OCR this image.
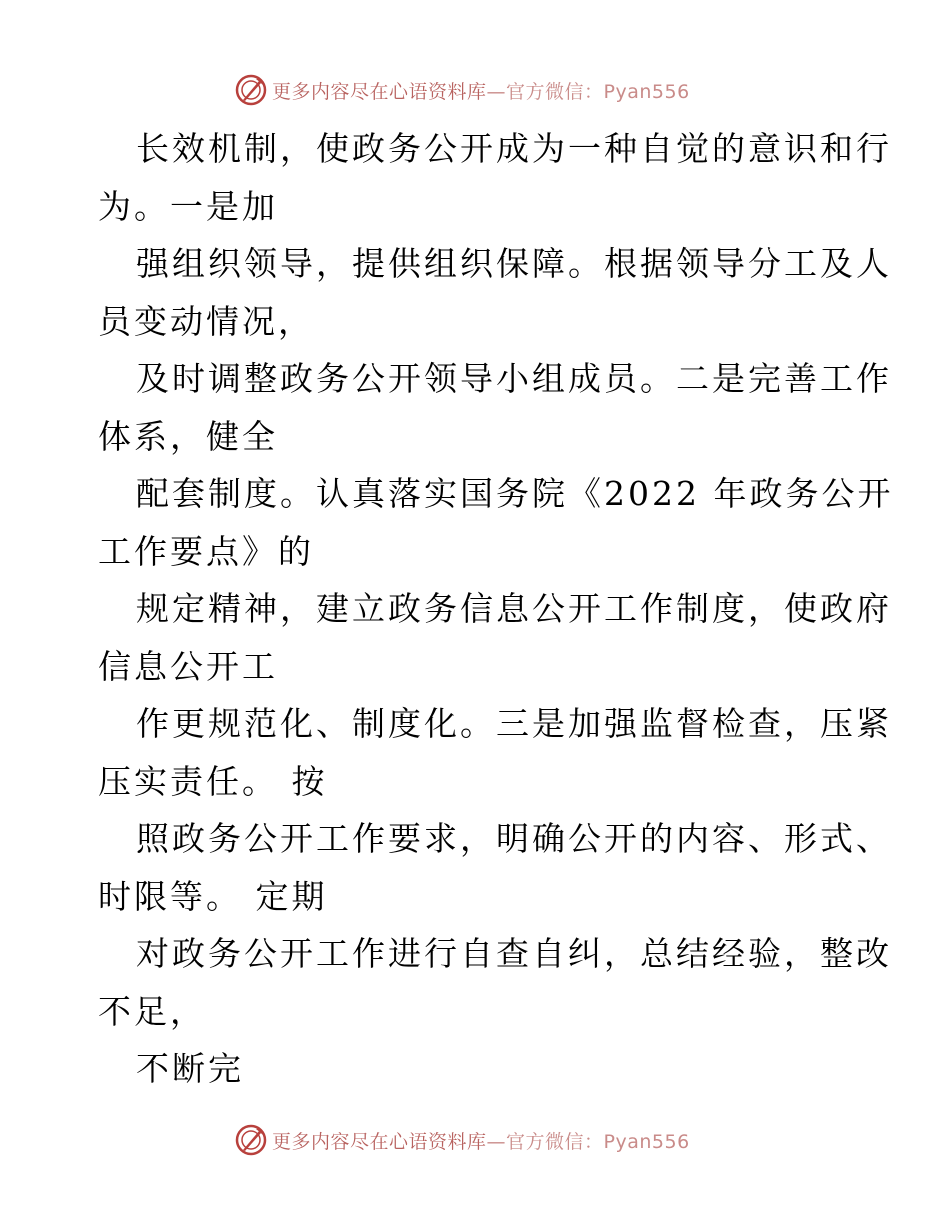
更多内容尽在心语资料库—官方微信：Pyan556
长效机制，使政务公开成为一种自觉的意识和行
为。一是加
强组织领导，提供组织保障。根据领导分工及人
员变动情况，
及时调整政务公开领导小组成员。二是完善工作
体系，健全
配套制度。认真落实国务院《2022 年政务公开
工作要点》的
规定精神，建立政务信息公开工作制度，使政府
信息公开工
作更规范化、制度化。三是加强监督检查，压紧
压实责任。 按
照政务公开工作要求，明确公开的内容、形式、
时限等。 定期
对政务公开工作进行自查自纠，总结经验，整改
不足，
不断完
更多内容尽在心语资料库—官方微信：Pyan556
